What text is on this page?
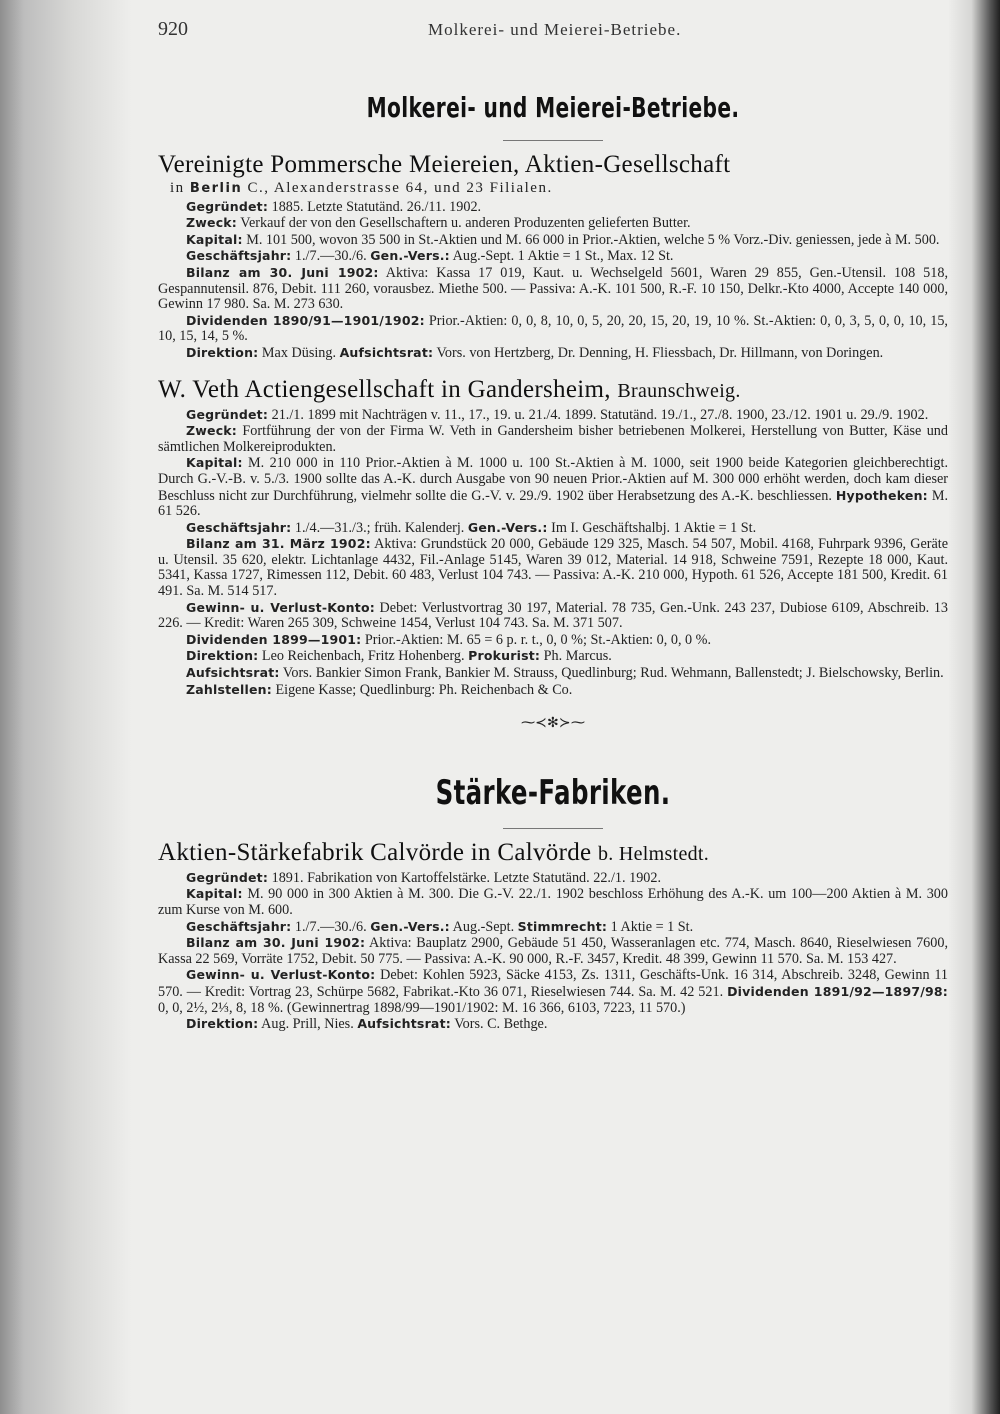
920	Molkerei- und Meierei-Betriebe.
Molkerei- und Meierei-Betriebe.
Vereinigte Pommersche Meiereien, Aktien-Gesellschaft
in Berlin C., Alexanderstrasse 64, und 23 Filialen.

Gegründet: 1885. Letzte Statutänd. 26./11. 1902.

Zweck: Verkauf der von den Gesellschaftern u. anderen Produzenten gelieferten Butter.

Kapital: M. 101 500, wovon 35 500 in St.-Aktien und M. 66 000 in Prior.-Aktien, welche 5 % Vorz.-Div. geniessen, jede à M. 500.

Geschäftsjahr: 1./7.—30./6. Gen.-Vers.: Aug.-Sept. 1 Aktie = 1 St., Max. 12 St.

Bilanz am 30. Juni 1902: Aktiva: Kassa 17 019, Kaut. u. Wechselgeld 5601, Waren 29 855, Gen.-Utensil. 108 518, Gespannutensil. 876, Debit. 111 260, vorausbez. Miethe 500. — Passiva: A.-K. 101 500, R.-F. 10 150, Delkr.-Kto 4000, Accepte 140 000, Gewinn 17 980. Sa. M. 273 630.

Dividenden 1890/91—1901/1902: Prior.-Aktien: 0, 0, 8, 10, 0, 5, 20, 20, 15, 20, 19, 10 %. St.-Aktien: 0, 0, 3, 5, 0, 0, 10, 15, 10, 15, 14, 5 %.

Direktion: Max Düsing. Aufsichtsrat: Vors. von Hertzberg, Dr. Denning, H. Fliessbach, Dr. Hillmann, von Doringen.

W. Veth Actiengesellschaft in Gandersheim, Braunschweig.

Gegründet: 21./1. 1899 mit Nachträgen v. 11., 17., 19. u. 21./4. 1899. Statutänd. 19./1., 27./8. 1900, 23./12. 1901 u. 29./9. 1902.

Zweck: Fortführung der von der Firma W. Veth in Gandersheim bisher betriebenen Molkerei, Herstellung von Butter, Käse und sämtlichen Molkereiprodukten.

Kapital: M. 210 000 in 110 Prior.-Aktien à M. 1000 u. 100 St.-Aktien à M. 1000, seit 1900 beide Kategorien gleichberechtigt. Durch G.-V.-B. v. 5./3. 1900 sollte das A.-K. durch Ausgabe von 90 neuen Prior.-Aktien auf M. 300 000 erhöht werden, doch kam dieser Beschluss nicht zur Durchführung, vielmehr sollte die G.-V. v. 29./9. 1902 über Herabsetzung des A.-K. beschliessen. Hypotheken: M. 61 526.

Geschäftsjahr: 1./4.—31./3.; früh. Kalenderj. Gen.-Vers.: Im I. Geschäftshalbj. 1 Aktie = 1 St.

Bilanz am 31. März 1902: Aktiva: Grundstück 20 000, Gebäude 129 325, Masch. 54 507, Mobil. 4168, Fuhrpark 9396, Geräte u. Utensil. 35 620, elektr. Lichtanlage 4432, Fil.-Anlage 5145, Waren 39 012, Material. 14 918, Schweine 7591, Rezepte 18 000, Kaut. 5341, Kassa 1727, Rimessen 112, Debit. 60 483, Verlust 104 743. — Passiva: A.-K. 210 000, Hypoth. 61 526, Accepte 181 500, Kredit. 61 491. Sa. M. 514 517.

Gewinn- u. Verlust-Konto: Debet: Verlustvortrag 30 197, Material. 78 735, Gen.-Unk. 243 237, Dubiose 6109, Abschreib. 13 226. — Kredit: Waren 265 309, Schweine 1454, Verlust 104 743. Sa. M. 371 507.

Dividenden 1899—1901: Prior.-Aktien: M. 65 = 6 p. r. t., 0, 0 %; St.-Aktien: 0, 0, 0 %.

Direktion: Leo Reichenbach, Fritz Hohenberg. Prokurist: Ph. Marcus.

Aufsichtsrat: Vors. Bankier Simon Frank, Bankier M. Strauss, Quedlinburg; Rud. Wehmann, Ballenstedt; J. Bielschowsky, Berlin.

Zahlstellen: Eigene Kasse; Quedlinburg: Ph. Reichenbach & Co.

⁓≺✻≻⁓
Stärke-Fabriken.
Aktien-Stärkefabrik Calvörde in Calvörde b. Helmstedt.

Gegründet: 1891. Fabrikation von Kartoffelstärke. Letzte Statutänd. 22./1. 1902.

Kapital: M. 90 000 in 300 Aktien à M. 300. Die G.-V. 22./1. 1902 beschloss Erhöhung des A.-K. um 100—200 Aktien à M. 300 zum Kurse von M. 600.

Geschäftsjahr: 1./7.—30./6. Gen.-Vers.: Aug.-Sept. Stimmrecht: 1 Aktie = 1 St.

Bilanz am 30. Juni 1902: Aktiva: Bauplatz 2900, Gebäude 51 450, Wasseranlagen etc. 774, Masch. 8640, Rieselwiesen 7600, Kassa 22 569, Vorräte 1752, Debit. 50 775. — Passiva: A.-K. 90 000, R.-F. 3457, Kredit. 48 399, Gewinn 11 570. Sa. M. 153 427.

Gewinn- u. Verlust-Konto: Debet: Kohlen 5923, Säcke 4153, Zs. 1311, Geschäfts-Unk. 16 314, Abschreib. 3248, Gewinn 11 570. — Kredit: Vortrag 23, Schürpe 5682, Fabrikat.-Kto 36 071, Rieselwiesen 744. Sa. M. 42 521. Dividenden 1891/92—1897/98: 0, 0, 2½, 2⅓, 8, 18 %. (Gewinnertrag 1898/99—1901/1902: M. 16 366, 6103, 7223, 11 570.)

Direktion: Aug. Prill, Nies. Aufsichtsrat: Vors. C. Bethge.
